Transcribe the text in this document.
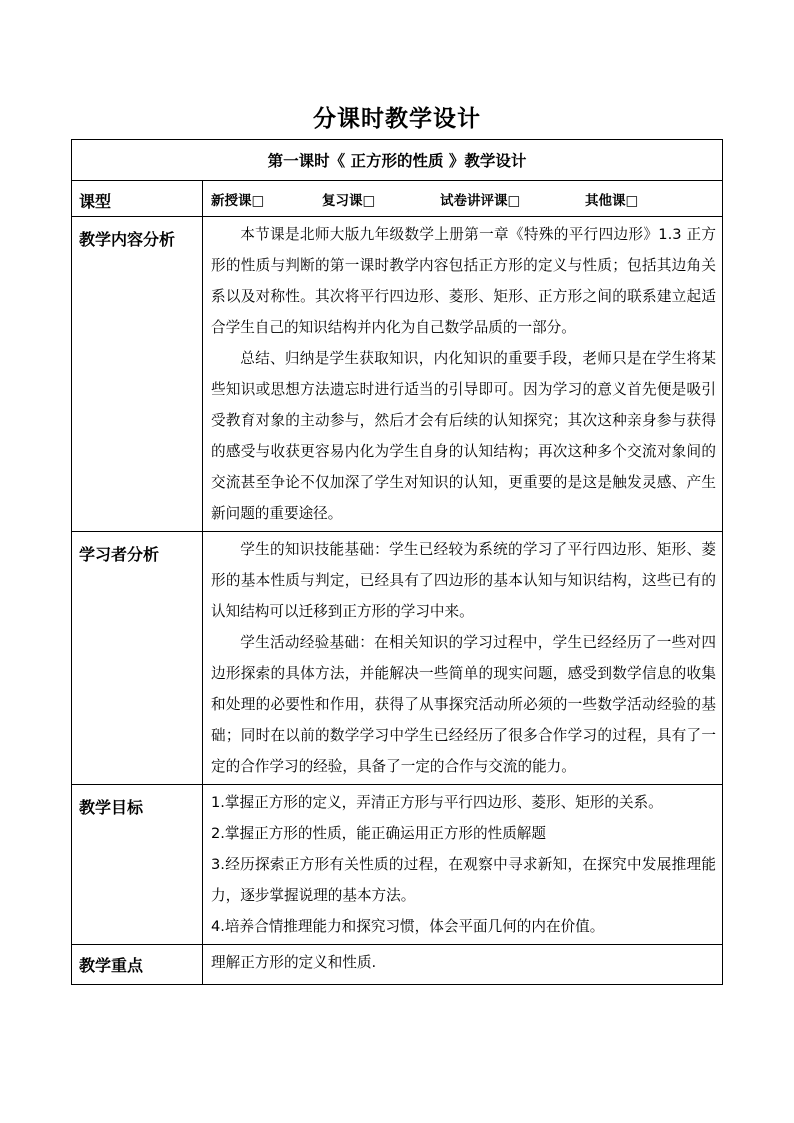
分课时教学设计
第一课时《 正方形的性质 》教学设计	
课型	新授课□ 复习课□ 试卷讲评课□ 其他课□

教学内容分析	本节课是北师大版九年级数学上册第一章《特殊的平行四边形》1.3 正方形的性质与判断的第一课时教学内容包括正方形的定义与性质；包括其边角关系以及对称性。其次将平行四边形、菱形、矩形、正方形之间的联系建立起适合学生自己的知识结构并内化为自己数学品质的一部分。

总结、归纳是学生获取知识，内化知识的重要手段，老师只是在学生将某些知识或思想方法遗忘时进行适当的引导即可。因为学习的意义首先便是吸引受教育对象的主动参与，然后才会有后续的认知探究；其次这种亲身参与获得的感受与收获更容易内化为学生自身的认知结构；再次这种多个交流对象间的交流甚至争论不仅加深了学生对知识的认知，更重要的是这是触发灵感、产生新问题的重要途径。

学习者分析	学生的知识技能基础：学生已经较为系统的学习了平行四边形、矩形、菱形的基本性质与判定，已经具有了四边形的基本认知与知识结构，这些已有的认知结构可以迁移到正方形的学习中来。

学生活动经验基础：在相关知识的学习过程中，学生已经经历了一些对四边形探索的具体方法，并能解决一些简单的现实问题，感受到数学信息的收集和处理的必要性和作用，获得了从事探究活动所必须的一些数学活动经验的基础；同时在以前的数学学习中学生已经经历了很多合作学习的过程，具有了一定的合作学习的经验，具备了一定的合作与交流的能力。

教学目标	1.掌握正方形的定义，弄清正方形与平行四边形、菱形、矩形的关系。

2.掌握正方形的性质，能正确运用正方形的性质解题

3.经历探索正方形有关性质的过程，在观察中寻求新知，在探究中发展推理能力，逐步掌握说理的基本方法。

4.培养合情推理能力和探究习惯，体会平面几何的内在价值。

教学重点	理解正方形的定义和性质.
